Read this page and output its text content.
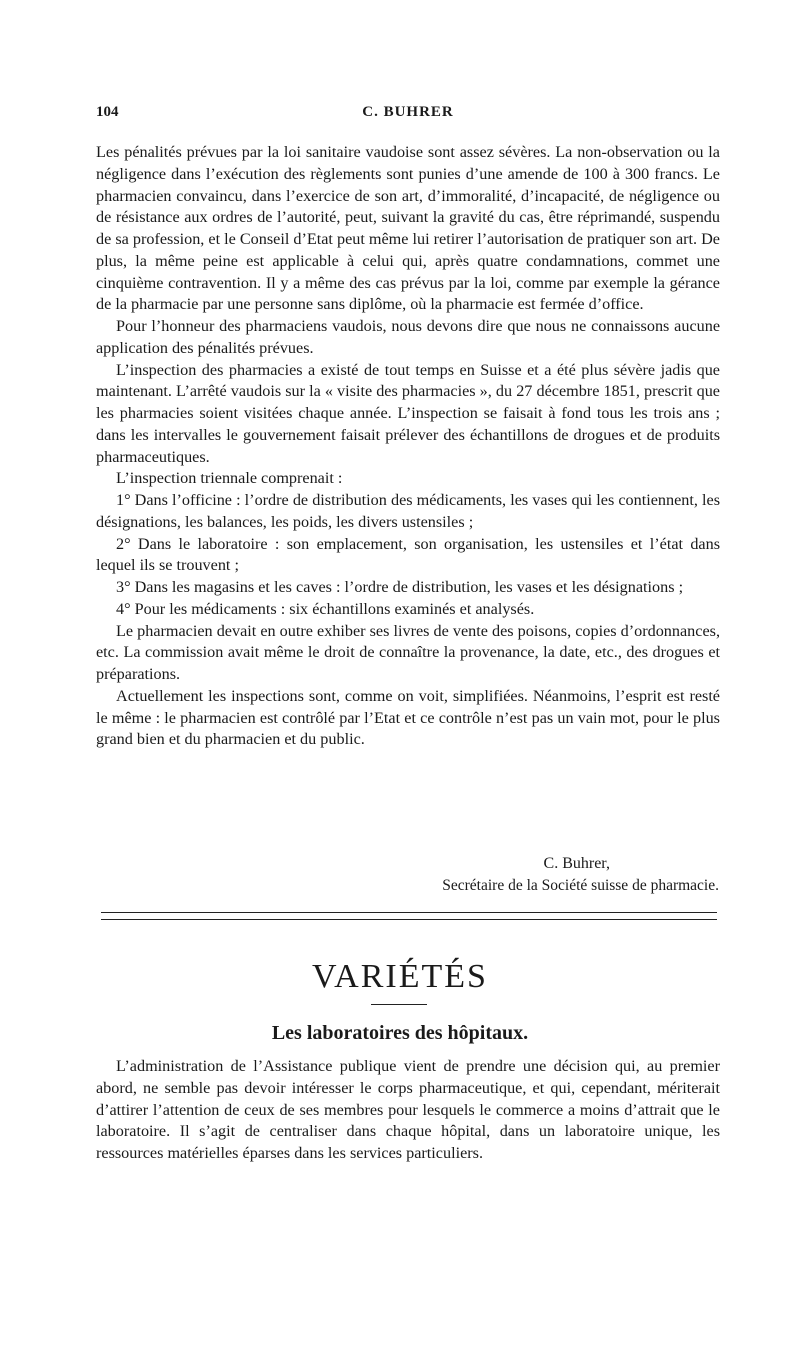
104	C. BUHRER

Les pénalités prévues par la loi sanitaire vaudoise sont assez sévères. La non-observation ou la négligence dans l’exécution des règlements sont punies d’une amende de 100 à 300 francs. Le pharmacien convaincu, dans l’exercice de son art, d’immoralité, d’incapacité, de négligence ou de résistance aux ordres de l’autorité, peut, suivant la gravité du cas, être réprimandé, suspendu de sa profession, et le Conseil d’Etat peut même lui retirer l’autorisation de pratiquer son art. De plus, la même peine est applicable à celui qui, après quatre condamnations, commet une cinquième contravention. Il y a même des cas prévus par la loi, comme par exemple la gérance de la pharmacie par une personne sans diplôme, où la pharmacie est fermée d’office.

Pour l’honneur des pharmaciens vaudois, nous devons dire que nous ne connaissons aucune application des pénalités prévues.

L’inspection des pharmacies a existé de tout temps en Suisse et a été plus sévère jadis que maintenant. L’arrêté vaudois sur la « visite des pharmacies », du 27 décembre 1851, prescrit que les pharmacies soient visitées chaque année. L’inspection se faisait à fond tous les trois ans ; dans les intervalles le gouvernement faisait prélever des échantillons de drogues et de produits pharmaceutiques.

L’inspection triennale comprenait :

1° Dans l’officine : l’ordre de distribution des médicaments, les vases qui les contiennent, les désignations, les balances, les poids, les divers ustensiles ;

2° Dans le laboratoire : son emplacement, son organisation, les ustensiles et l’état dans lequel ils se trouvent ;

3° Dans les magasins et les caves : l’ordre de distribution, les vases et les désignations ;

4° Pour les médicaments : six échantillons examinés et analysés.

Le pharmacien devait en outre exhiber ses livres de vente des poisons, copies d’ordonnances, etc. La commission avait même le droit de connaître la provenance, la date, etc., des drogues et préparations.

Actuellement les inspections sont, comme on voit, simplifiées. Néanmoins, l’esprit est resté le même : le pharmacien est contrôlé par l’Etat et ce contrôle n’est pas un vain mot, pour le plus grand bien et du pharmacien et du public.

C. Buhrer,
Secrétaire de la Société suisse de pharmacie.
VARIÉTÉS
Les laboratoires des hôpitaux.

L’administration de l’Assistance publique vient de prendre une décision qui, au premier abord, ne semble pas devoir intéresser le corps pharmaceutique, et qui, cependant, mériterait d’attirer l’attention de ceux de ses membres pour lesquels le commerce a moins d’attrait que le laboratoire. Il s’agit de centraliser dans chaque hôpital, dans un laboratoire unique, les ressources matérielles éparses dans les services particuliers.
